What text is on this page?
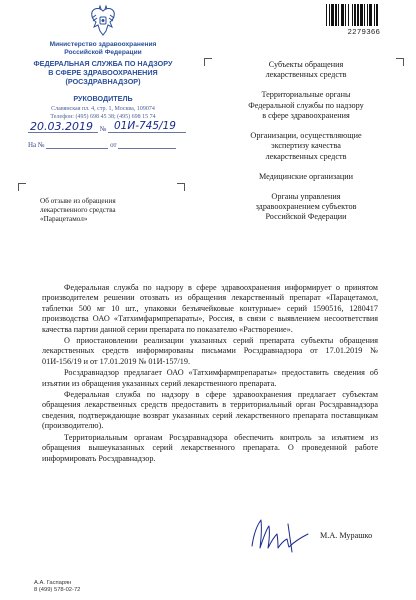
2279366
Министерство здравоохранения
Российской Федерации
ФЕДЕРАЛЬНАЯ СЛУЖБА ПО НАДЗОРУ
В СФЕРЕ ЗДРАВООХРАНЕНИЯ
(РОСЗДРАВНАДЗОР)
РУКОВОДИТЕЛЬ
Славянская пл. 4, стр. 1, Москва, 109074
Телефон: (495) 698 45 38; (495) 698 15 74
№
20.03.2019 01И-745/19
На №	от
Субъекты обращения
лекарственных средств
Территориальные органы
Федеральной службы по надзору
в сфере здравоохранения
Организации, осуществляющие
экспертизу качества
лекарственных средств
Медицинские организации
Органы управления
здравоохранением субъектов
Российской Федерации
Об отзыве из обращения
лекарственного средства
«Парацетамол»

Федеральная служба по надзору в сфере здравоохранения информирует о принятом производителем решении отозвать из обращения лекарственный препарат «Парацетамол, таблетки 500 мг 10 шт., упаковки безъячейковые контурные» серий 1590516, 1280417 производства ОАО «Татхимфармпрепараты», Россия, в связи с выявлением несоответствия качества партии данной серии препарата по показателю «Растворение».

О приостановлении реализации указанных серий препарата субъекты обращения лекарственных средств информированы письмами Росздравнадзора от 17.01.2019 № 01И-156/19 и от 17.01.2019 № 01И-157/19.

Росздравнадзор предлагает ОАО «Татхимфармпрепараты» предоставить сведения об изъятии из обращения указанных серий лекарственного препарата.

Федеральная служба по надзору в сфере здравоохранения предлагает субъектам обращения лекарственных средств предоставить в территориальный орган Росздравнадзора сведения, подтверждающие возврат указанных серий лекарственного препарата поставщикам (производителю).

Территориальным органам Росздравнадзора обеспечить контроль за изъятием из обращения вышеуказанных серий лекарственного препарата. О проведенной работе информировать Росздравнадзор.

М.А. Мурашко
А.А. Гаспарян
8 (499) 578-02-72
